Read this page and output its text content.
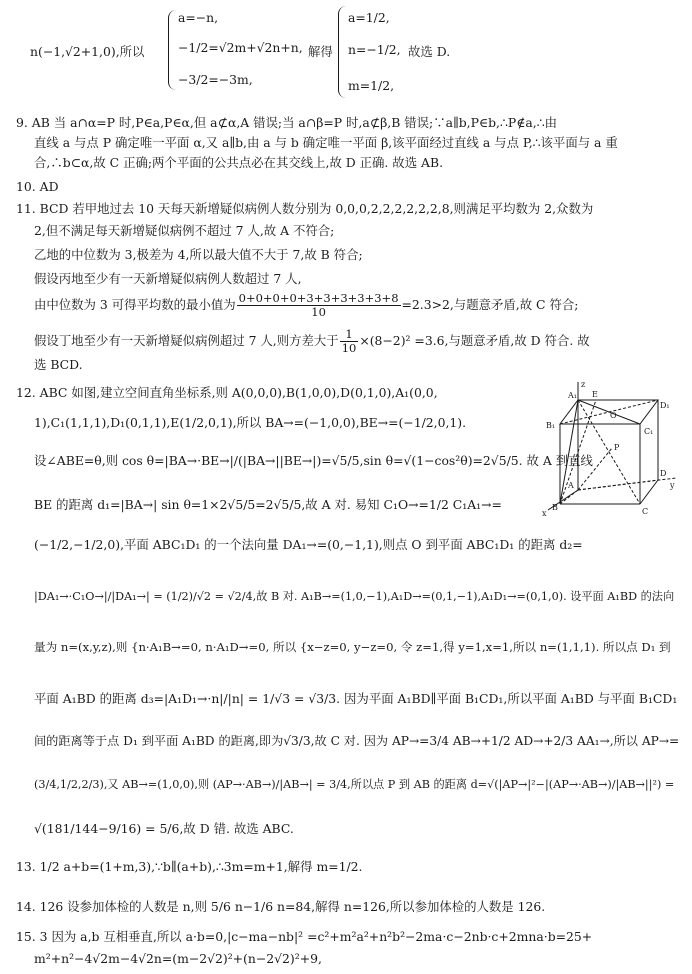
n(−1,√2+1,0),所以
a=−n,
−1/2=√2m+√2n+n,
−3/2=−3m,
解得
a=1/2,
n=−1/2,
m=1/2,
故选 D.
9. AB 当 a∩α=P 时,P∈a,P∈α,但 a⊄α,A 错误;当 a∩β=P 时,a⊄β,B 错误;∵a∥b,P∈b,∴P∉a,∴由
直线 a 与点 P 确定唯一平面 α,又 a∥b,由 a 与 b 确定唯一平面 β,该平面经过直线 a 与点 P,∴该平面与 a 重
合,∴b⊂α,故 C 正确;两个平面的公共点必在其交线上,故 D 正确. 故选 AB.
10. AD
11. BCD 若甲地过去 10 天每天新增疑似病例人数分别为 0,0,0,2,2,2,2,2,2,8,则满足平均数为 2,众数为
2,但不满足每天新增疑似病例不超过 7 人,故 A 不符合;
乙地的中位数为 3,极差为 4,所以最大值不大于 7,故 B 符合;
假设丙地至少有一天新增疑似病例人数超过 7 人,
由中位数为 3 可得平均数的最小值为 $\frac{0+0+0+0+3+3+3+3+3+8}{10} =2.3>2$,与题意矛盾,故 C 符合;
假设丁地至少有一天新增疑似病例超过 7 人,则方差大于 $\frac{1}{10} \times(8-2)^2 =3.6$,与题意矛盾,故 D 符合. 故
选 BCD.
12. ABC 如图,建立空间直角坐标系,则 A(0,0,0),B(1,0,0),D(0,1,0),A₁(0,0,
1),C₁(1,1,1),D₁(0,1,1),E(1/2,0,1),所以 BA→=(−1,0,0),BE→=(−1/2,0,1).
设∠ABE=θ,则 cos θ=|BA→·BE→|/(|BA→||BE→|)=√5/5,sin θ=√(1−cos²θ)=2√5/5. 故 A 到直线
BE 的距离 d₁=|BA→| sin θ=1×2√5/5=2√5/5,故 A 对. 易知 C₁O→=1/2 C₁A₁→=
(−1/2,−1/2,0),平面 ABC₁D₁ 的一个法向量 DA₁→=(0,−1,1),则点 O 到平面 ABC₁D₁ 的距离 d₂=
|DA₁→·C₁O→|/|DA₁→| = (1/2)/√2 = √2/4,故 B 对. A₁B→=(1,0,−1),A₁D→=(0,1,−1),A₁D₁→=(0,1,0). 设平面 A₁BD 的法向
量为 n=(x,y,z),则 {n·A₁B→=0, n·A₁D→=0, 所以 {x−z=0, y−z=0, 令 z=1,得 y=1,x=1,所以 n=(1,1,1). 所以点 D₁ 到
平面 A₁BD 的距离 d₃=|A₁D₁→·n|/|n| = 1/√3 = √3/3. 因为平面 A₁BD∥平面 B₁CD₁,所以平面 A₁BD 与平面 B₁CD₁
间的距离等于点 D₁ 到平面 A₁BD 的距离,即为√3/3,故 C 对. 因为 AP→=3/4 AB→+1/2 AD→+2/3 AA₁→,所以 AP→=
(3/4,1/2,2/3),又 AB→=(1,0,0),则 (AP→·AB→)/|AB→| = 3/4,所以点 P 到 AB 的距离 d=√(|AP→|²−|(AP→·AB→)/|AB→||²) =
√(181/144−9/16) = 5/6,故 D 错. 故选 ABC.
z
A₁
D₁
B₁
C₁
O
E
P
A
D
y
B	C
x
13. 1/2 a+b=(1+m,3),∵b∥(a+b),∴3m=m+1,解得 m=1/2.
14. 126 设参加体检的人数是 n,则 5/6 n−1/6 n=84,解得 n=126,所以参加体检的人数是 126.
15. 3 因为 a,b 互相垂直,所以 a·b=0,|c−ma−nb|² =c²+m²a²+n²b²−2ma·c−2nb·c+2mna·b=25+
m²+n²−4√2m−4√2n=(m−2√2)²+(n−2√2)²+9,
